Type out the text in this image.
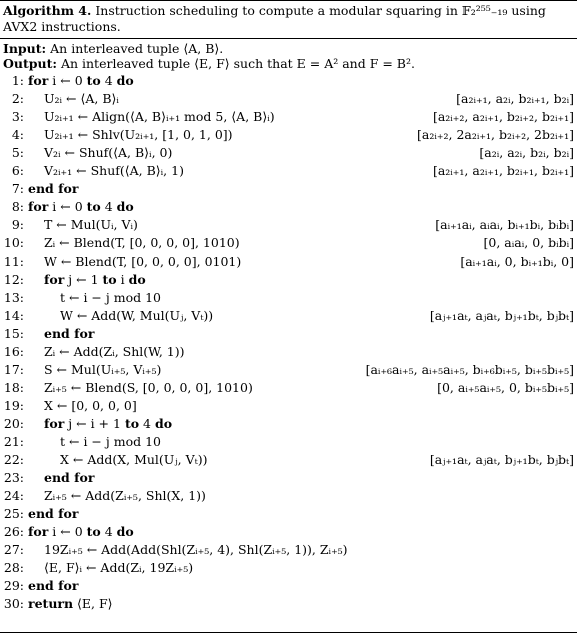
Algorithm 4. Instruction scheduling to compute a modular squaring in 𝔽₂²⁵⁵₋₁₉ using AVX2 instructions.
Input: An interleaved tuple ⟨A, B⟩.
Output: An interleaved tuple ⟨E, F⟩ such that E = A² and F = B².
1: for i ← 0 to 4 do
2: U₂ᵢ ← ⟨A, B⟩ᵢ	[a₂ᵢ₊₁, a₂ᵢ, b₂ᵢ₊₁, b₂ᵢ]
3: U₂ᵢ₊₁ ← Align(⟨A, B⟩ᵢ₊₁ mod 5, ⟨A, B⟩ᵢ)	[a₂ᵢ₊₂, a₂ᵢ₊₁, b₂ᵢ₊₂, b₂ᵢ₊₁]
4: U₂ᵢ₊₁ ← Shlv(U₂ᵢ₊₁, [1, 0, 1, 0])	[a₂ᵢ₊₂, 2a₂ᵢ₊₁, b₂ᵢ₊₂, 2b₂ᵢ₊₁]
5: V₂ᵢ ← Shuf(⟨A, B⟩ᵢ, 0)	[a₂ᵢ, a₂ᵢ, b₂ᵢ, b₂ᵢ]
6: V₂ᵢ₊₁ ← Shuf(⟨A, B⟩ᵢ, 1)	[a₂ᵢ₊₁, a₂ᵢ₊₁, b₂ᵢ₊₁, b₂ᵢ₊₁]
7: end for
8: for i ← 0 to 4 do
9: T ← Mul(Uᵢ, Vᵢ)	[aᵢ₊₁aᵢ, aᵢaᵢ, bᵢ₊₁bᵢ, bᵢbᵢ]
10: Zᵢ ← Blend(T, [0, 0, 0, 0], 1010)	[0, aᵢaᵢ, 0, bᵢbᵢ]
11: W ← Blend(T, [0, 0, 0, 0], 0101)	[aᵢ₊₁aᵢ, 0, bᵢ₊₁bᵢ, 0]
12: for j ← 1 to i do
13:	t ← i − j mod 10
14:	W ← Add(W, Mul(Uⱼ, Vₜ))	[aⱼ₊₁aₜ, aⱼaₜ, bⱼ₊₁bₜ, bⱼbₜ]
15: end for
16: Zᵢ ← Add(Zᵢ, Shl(W, 1))
17: S ← Mul(Uᵢ₊₅, Vᵢ₊₅)	[aᵢ₊₆aᵢ₊₅, aᵢ₊₅aᵢ₊₅, bᵢ₊₆bᵢ₊₅, bᵢ₊₅bᵢ₊₅]
18: Zᵢ₊₅ ← Blend(S, [0, 0, 0, 0], 1010)	[0, aᵢ₊₅aᵢ₊₅, 0, bᵢ₊₅bᵢ₊₅]
19: X ← [0, 0, 0, 0]
20: for j ← i + 1 to 4 do
21:	t ← i − j mod 10
22:	X ← Add(X, Mul(Uⱼ, Vₜ))	[aⱼ₊₁aₜ, aⱼaₜ, bⱼ₊₁bₜ, bⱼbₜ]
23: end for
24: Zᵢ₊₅ ← Add(Zᵢ₊₅, Shl(X, 1))
25: end for
26: for i ← 0 to 4 do
27: 19Zᵢ₊₅ ← Add(Add(Shl(Zᵢ₊₅, 4), Shl(Zᵢ₊₅, 1)), Zᵢ₊₅)
28: ⟨E, F⟩ᵢ ← Add(Zᵢ, 19Zᵢ₊₅)
29: end for
30: return ⟨E, F⟩
